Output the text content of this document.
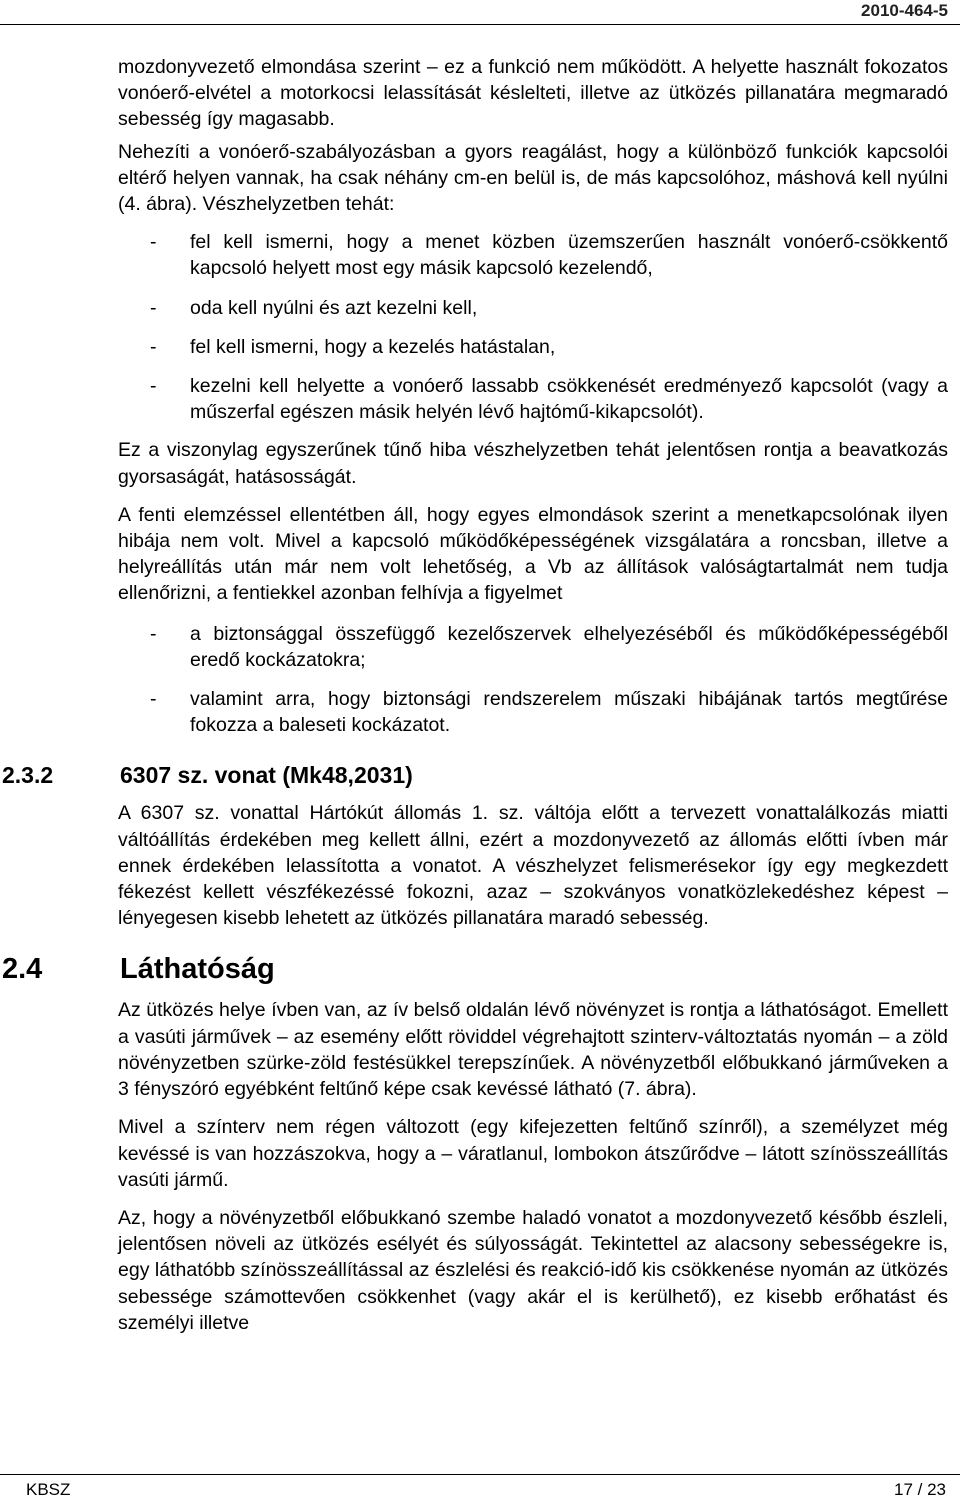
2010-464-5

mozdonyvezető elmondása szerint – ez a funkció nem működött. A helyette használt fokozatos vonóerő-elvétel a motorkocsi lelassítását késlelteti, illetve az ütközés pillanatára megmaradó sebesség így magasabb.

Nehezíti a vonóerő-szabályozásban a gyors reagálást, hogy a különböző funkciók kapcsolói eltérő helyen vannak, ha csak néhány cm-en belül is, de más kapcsolóhoz, máshová kell nyúlni (4. ábra). Vészhelyzetben tehát:

- fel kell ismerni, hogy a menet közben üzemszerűen használt vonóerő-csökkentő kapcsoló helyett most egy másik kapcsoló kezelendő,
- oda kell nyúlni és azt kezelni kell,
- fel kell ismerni, hogy a kezelés hatástalan,
- kezelni kell helyette a vonóerő lassabb csökkenését eredményező kapcsolót (vagy a műszerfal egészen másik helyén lévő hajtómű-kikapcsolót).

Ez a viszonylag egyszerűnek tűnő hiba vészhelyzetben tehát jelentősen rontja a beavatkozás gyorsaságát, hatásosságát.

A fenti elemzéssel ellentétben áll, hogy egyes elmondások szerint a menetkapcsolónak ilyen hibája nem volt. Mivel a kapcsoló működőképességének vizsgálatára a roncsban, illetve a helyreállítás után már nem volt lehetőség, a Vb az állítások valóságtartalmát nem tudja ellenőrizni, a fentiekkel azonban felhívja a figyelmet

- a biztonsággal összefüggő kezelőszervek elhelyezéséből és működőképességéből eredő kockázatokra;
- valamint arra, hogy biztonsági rendszerelem műszaki hibájának tartós megtűrése fokozza a baleseti kockázatot.
2.3.2	6307 sz. vonat (Mk48,2031)

A 6307 sz. vonattal Hártókút állomás 1. sz. váltója előtt a tervezett vonattalálkozás miatti váltóállítás érdekében meg kellett állni, ezért a mozdonyvezető az állomás előtti ívben már ennek érdekében lelassította a vonatot. A vészhelyzet felismerésekor így egy megkezdett fékezést kellett vészfékezéssé fokozni, azaz – szokványos vonatközlekedéshez képest – lényegesen kisebb lehetett az ütközés pillanatára maradó sebesség.

2.4	Láthatóság

Az ütközés helye ívben van, az ív belső oldalán lévő növényzet is rontja a láthatóságot. Emellett a vasúti járművek – az esemény előtt röviddel végrehajtott szinterv-változtatás nyomán – a zöld növényzetben szürke-zöld festésükkel terepszínűek. A növényzetből előbukkanó járműveken a 3 fényszóró egyébként feltűnő képe csak kevéssé látható (7. ábra).

Mivel a színterv nem régen változott (egy kifejezetten feltűnő színről), a személyzet még kevéssé is van hozzászokva, hogy a – váratlanul, lombokon átszűrődve – látott színösszeállítás vasúti jármű.

Az, hogy a növényzetből előbukkanó szembe haladó vonatot a mozdonyvezető később észleli, jelentősen növeli az ütközés esélyét és súlyosságát. Tekintettel az alacsony sebességekre is, egy láthatóbb színösszeállítással az észlelési és reakció-idő kis csökkenése nyomán az ütközés sebessége számottevően csökkenhet (vagy akár el is kerülhető), ez kisebb erőhatást és személyi illetve

KBSZ	17 / 23
